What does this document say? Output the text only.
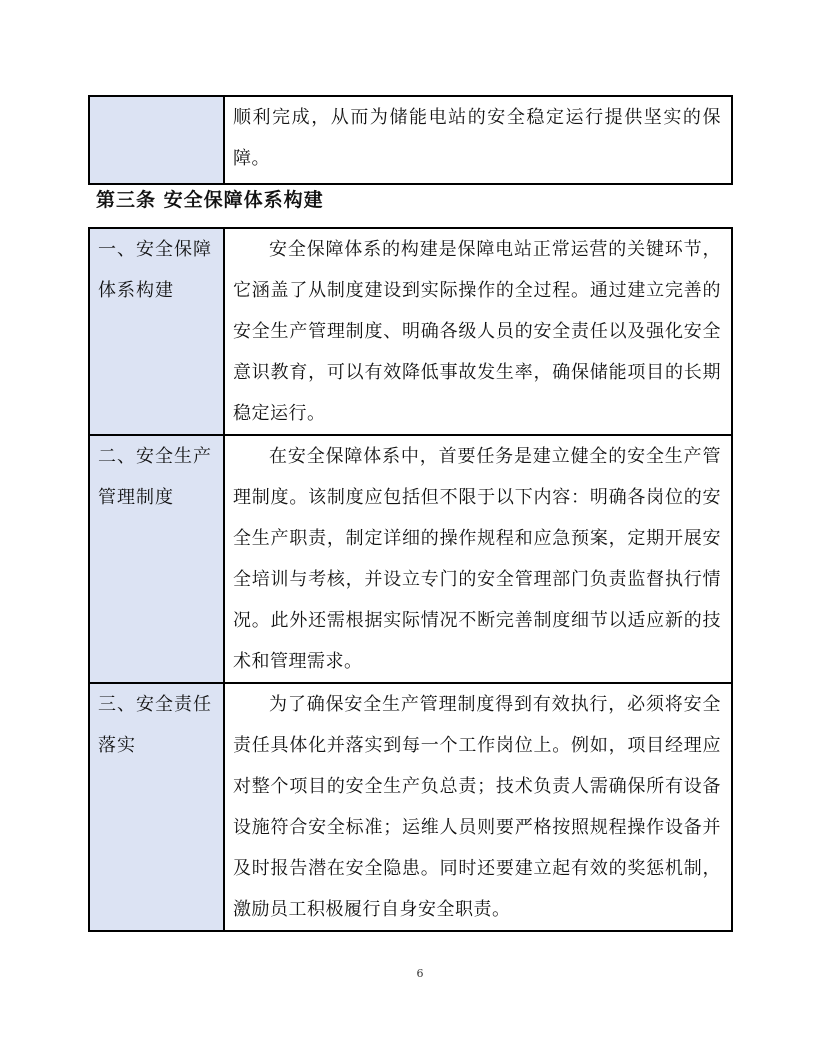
	顺利完成，从而为储能电站的安全稳定运行提供坚实的保障。
第三条 安全保障体系构建
一、安全保障体系构建	安全保障体系的构建是保障电站正常运营的关键环节，它涵盖了从制度建设到实际操作的全过程。通过建立完善的安全生产管理制度、明确各级人员的安全责任以及强化安全意识教育，可以有效降低事故发生率，确保储能项目的长期稳定运行。
二、安全生产管理制度	在安全保障体系中，首要任务是建立健全的安全生产管理制度。该制度应包括但不限于以下内容：明确各岗位的安全生产职责，制定详细的操作规程和应急预案，定期开展安全培训与考核，并设立专门的安全管理部门负责监督执行情况。此外还需根据实际情况不断完善制度细节以适应新的技术和管理需求。
三、安全责任落实	为了确保安全生产管理制度得到有效执行，必须将安全责任具体化并落实到每一个工作岗位上。例如，项目经理应对整个项目的安全生产负总责；技术负责人需确保所有设备设施符合安全标准；运维人员则要严格按照规程操作设备并及时报告潜在安全隐患。同时还要建立起有效的奖惩机制，激励员工积极履行自身安全职责。
6
